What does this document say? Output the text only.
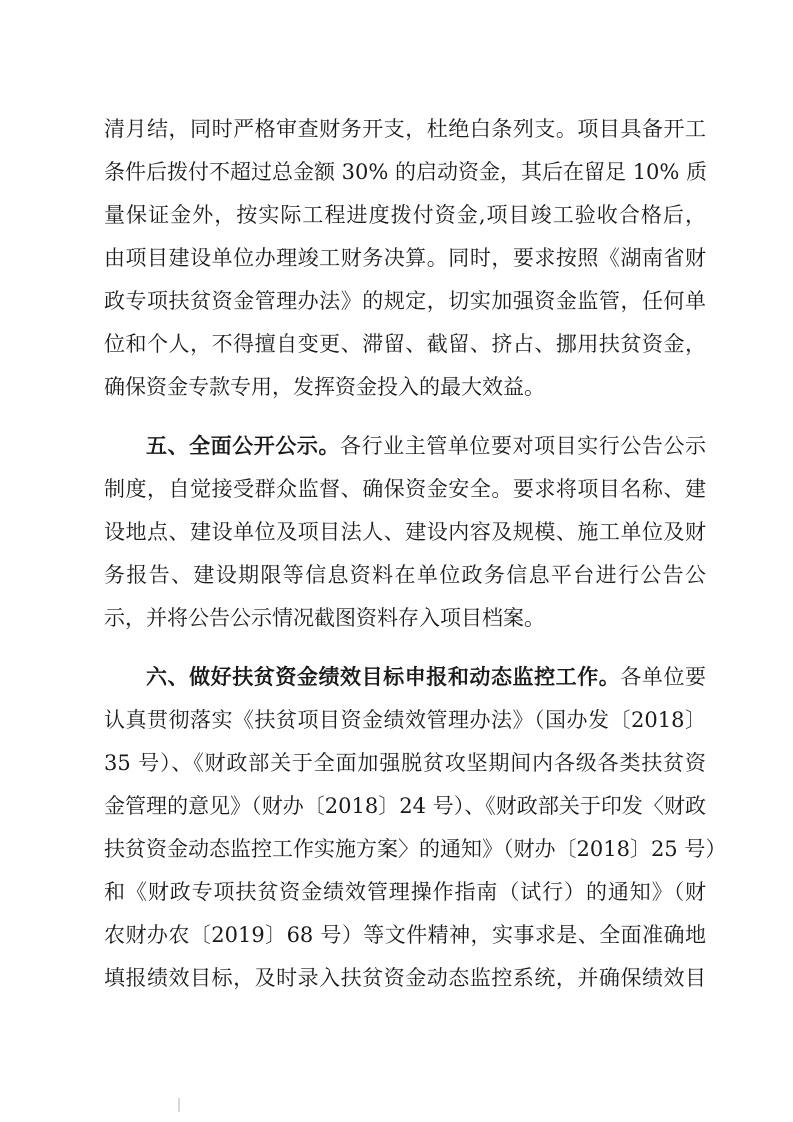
清月结，同时严格审查财务开支，杜绝白条列支。项目具备开工
条件后拨付不超过总金额 30% 的启动资金，其后在留足 10% 质
量保证金外，按实际工程进度拨付资金,项目竣工验收合格后，
由项目建设单位办理竣工财务决算。同时，要求按照《湖南省财
政专项扶贫资金管理办法》的规定，切实加强资金监管，任何单
位和个人，不得擅自变更、滞留、截留、挤占、挪用扶贫资金，
确保资金专款专用，发挥资金投入的最大效益。
五、全面公开公示。各行业主管单位要对项目实行公告公示
制度，自觉接受群众监督、确保资金安全。要求将项目名称、建
设地点、建设单位及项目法人、建设内容及规模、施工单位及财
务报告、建设期限等信息资料在单位政务信息平台进行公告公
示，并将公告公示情况截图资料存入项目档案。
六、做好扶贫资金绩效目标申报和动态监控工作。各单位要
认真贯彻落实《扶贫项目资金绩效管理办法》（国办发〔2018〕
35 号）、《财政部关于全面加强脱贫攻坚期间内各级各类扶贫资
金管理的意见》（财办〔2018〕24 号）、《财政部关于印发〈财政
扶贫资金动态监控工作实施方案〉的通知》（财办〔2018〕25 号）
和《财政专项扶贫资金绩效管理操作指南（试行）的通知》（财
农财办农〔2019〕68 号）等文件精神，实事求是、全面准确地
填报绩效目标，及时录入扶贫资金动态监控系统，并确保绩效目
